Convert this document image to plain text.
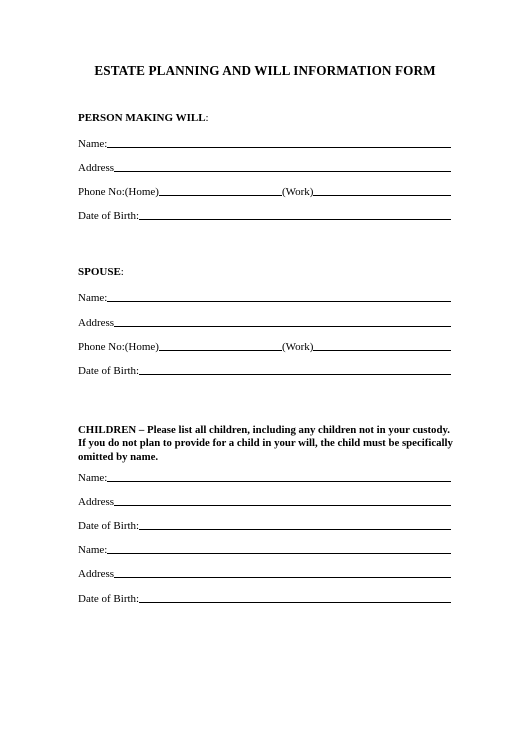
ESTATE PLANNING AND WILL INFORMATION FORM
PERSON MAKING WILL:
Name:
Address
Phone No:(Home)	(Work)
Date of Birth:
SPOUSE:
Name:
Address
Phone No:(Home)	(Work)
Date of Birth:
CHILDREN – Please list all children, including any children not in your custody. If you do not plan to provide for a child in your will, the child must be specifically omitted by name.
Name:
Address
Date of Birth:
Name:
Address
Date of Birth:
